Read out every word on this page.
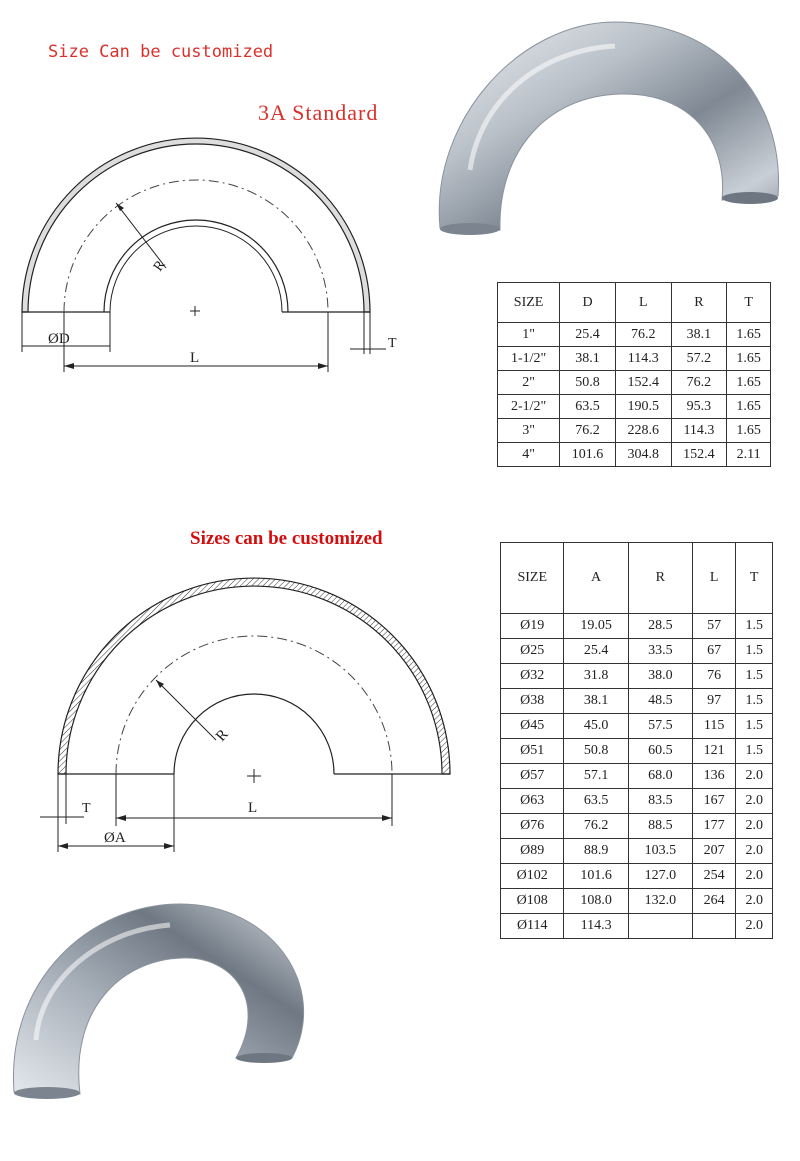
Size Can be customized
3A Standard
Sizes can be customized
R
ØD
L
T
R
T	L
ØA
SIZE	D	L	R	T
1"	25.4	76.2	38.1	1.65
1-1/2"	38.1	114.3	57.2	1.65
2"	50.8	152.4	76.2	1.65
2-1/2"	63.5	190.5	95.3	1.65
3"	76.2	228.6	114.3	1.65
4"	101.6	304.8	152.4	2.11
SIZE	A	R	L	T
Ø19	19.05	28.5	57	1.5
Ø25	25.4	33.5	67	1.5
Ø32	31.8	38.0	76	1.5
Ø38	38.1	48.5	97	1.5
Ø45	45.0	57.5	115	1.5
Ø51	50.8	60.5	121	1.5
Ø57	57.1	68.0	136	2.0
Ø63	63.5	83.5	167	2.0
Ø76	76.2	88.5	177	2.0
Ø89	88.9	103.5	207	2.0
Ø102	101.6	127.0	254	2.0
Ø108	108.0	132.0	264	2.0
Ø114	114.3			2.0
